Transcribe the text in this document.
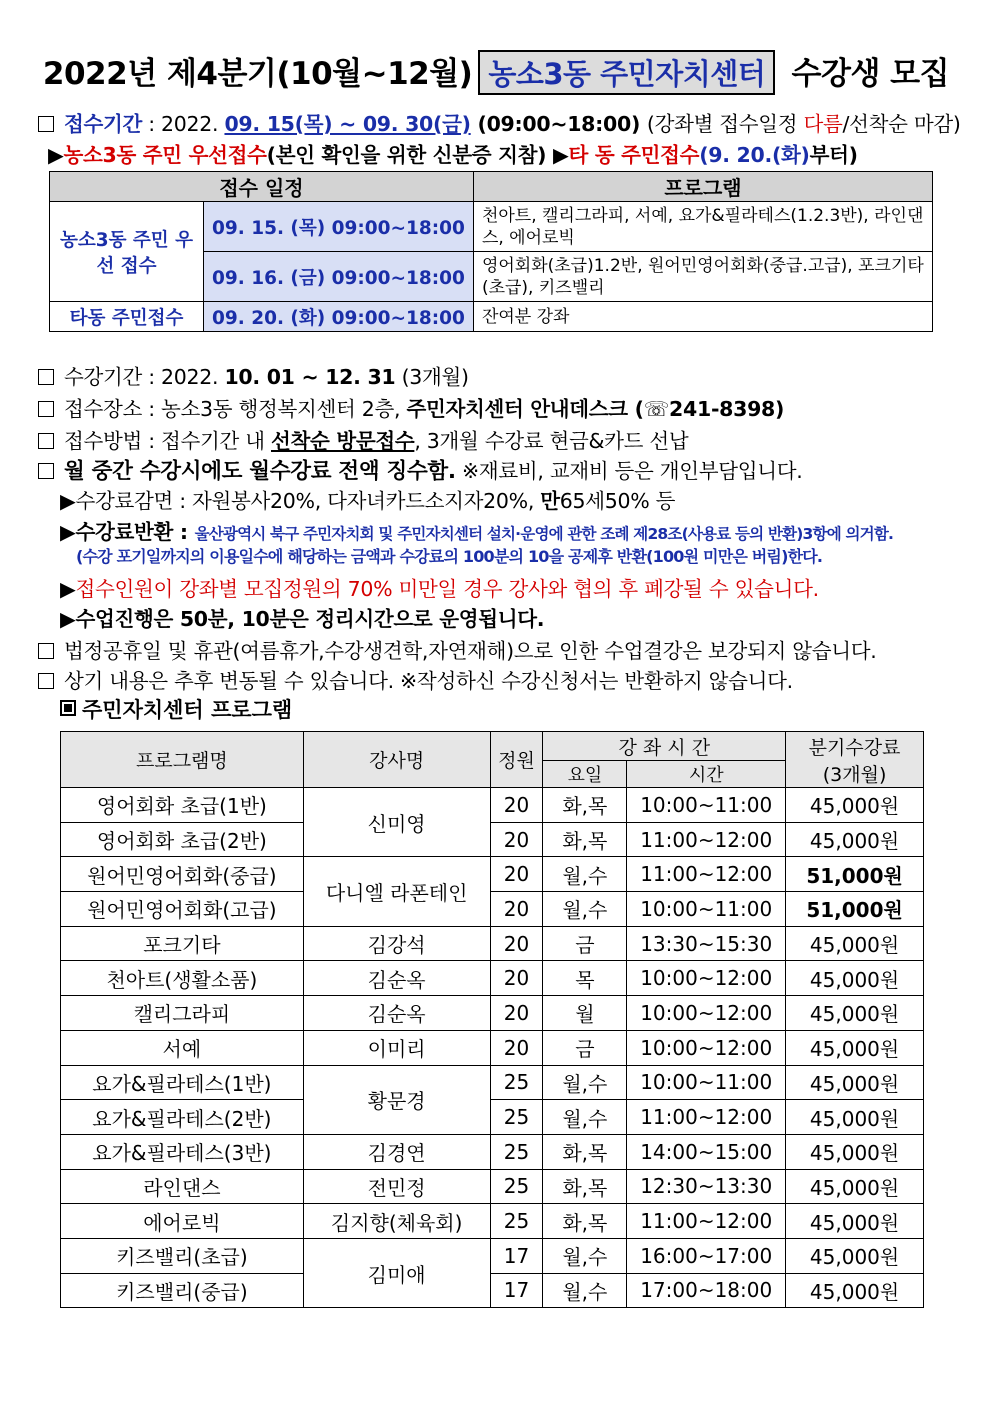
2022년 제4분기(10월~12월) 농소3동 주민자치센터 수강생 모집
접수기간 : 2022. 09. 15(목) ~ 09. 30(금) (09:00~18:00) (강좌별 접수일정 다름/선착순 마감)
▶농소3동 주민 우선접수(본인 확인을 위한 신분증 지참) ▶타 동 주민접수(9. 20.(화)부터)
접수 일정		프로그램
농소3동 주민 우선 접수	09. 15. (목) 09:00~18:00	천아트, 캘리그라피, 서예, 요가&필라테스(1.2.3반), 라인댄스, 에어로빅
	09. 16. (금) 09:00~18:00	영어회화(초급)1.2반, 원어민영어회화(중급.고급), 포크기타(초급), 키즈밸리
타동 주민접수	09. 20. (화) 09:00~18:00	잔여분 강좌
수강기간 : 2022. 10. 01 ~ 12. 31 (3개월)
접수장소 : 농소3동 행정복지센터 2층, 주민자치센터 안내데스크 (☏241-8398)
접수방법 : 접수기간 내 선착순 방문접수, 3개월 수강료 현금&카드 선납
월 중간 수강시에도 월수강료 전액 징수함. ※재료비, 교재비 등은 개인부담입니다.
▶수강료감면 : 자원봉사20%, 다자녀카드소지자20%, 만65세50% 등
▶수강료반환 : 울산광역시 북구 주민자치회 및 주민자치센터 설치·운영에 관한 조례 제28조(사용료 등의 반환)3항에 의거함.
(수강 포기일까지의 이용일수에 해당하는 금액과 수강료의 100분의 10을 공제후 반환(100원 미만은 버림)한다.
▶접수인원이 강좌별 모집정원의 70% 미만일 경우 강사와 협의 후 폐강될 수 있습니다.
▶수업진행은 50분, 10분은 정리시간으로 운영됩니다.
법정공휴일 및 휴관(여름휴가,수강생견학,자연재해)으로 인한 수업결강은 보강되지 않습니다.
상기 내용은 추후 변동될 수 있습니다. ※작성하신 수강신청서는 반환하지 않습니다.
주민자치센터 프로그램
프로그램명	강사명	정원	강 좌 시 간		분기수강료
(3개월)
			요일	시간	
영어회화 초급(1반)	신미영	20	화,목	10:00~11:00	45,000원
영어회화 초급(2반)		20	화,목	11:00~12:00	45,000원
원어민영어회화(중급)	다니엘 라폰테인	20	월,수	11:00~12:00	51,000원
원어민영어회화(고급)		20	월,수	10:00~11:00	51,000원
포크기타	김강석	20	금	13:30~15:30	45,000원
천아트(생활소품)	김순옥	20	목	10:00~12:00	45,000원
캘리그라피	김순옥	20	월	10:00~12:00	45,000원
서예	이미리	20	금	10:00~12:00	45,000원
요가&필라테스(1반)	황문경	25	월,수	10:00~11:00	45,000원
요가&필라테스(2반)		25	월,수	11:00~12:00	45,000원
요가&필라테스(3반)	김경연	25	화,목	14:00~15:00	45,000원
라인댄스	전민정	25	화,목	12:30~13:30	45,000원
에어로빅	김지향(체육회)	25	화,목	11:00~12:00	45,000원
키즈밸리(초급)	김미애	17	월,수	16:00~17:00	45,000원
키즈밸리(중급)		17	월,수	17:00~18:00	45,000원
